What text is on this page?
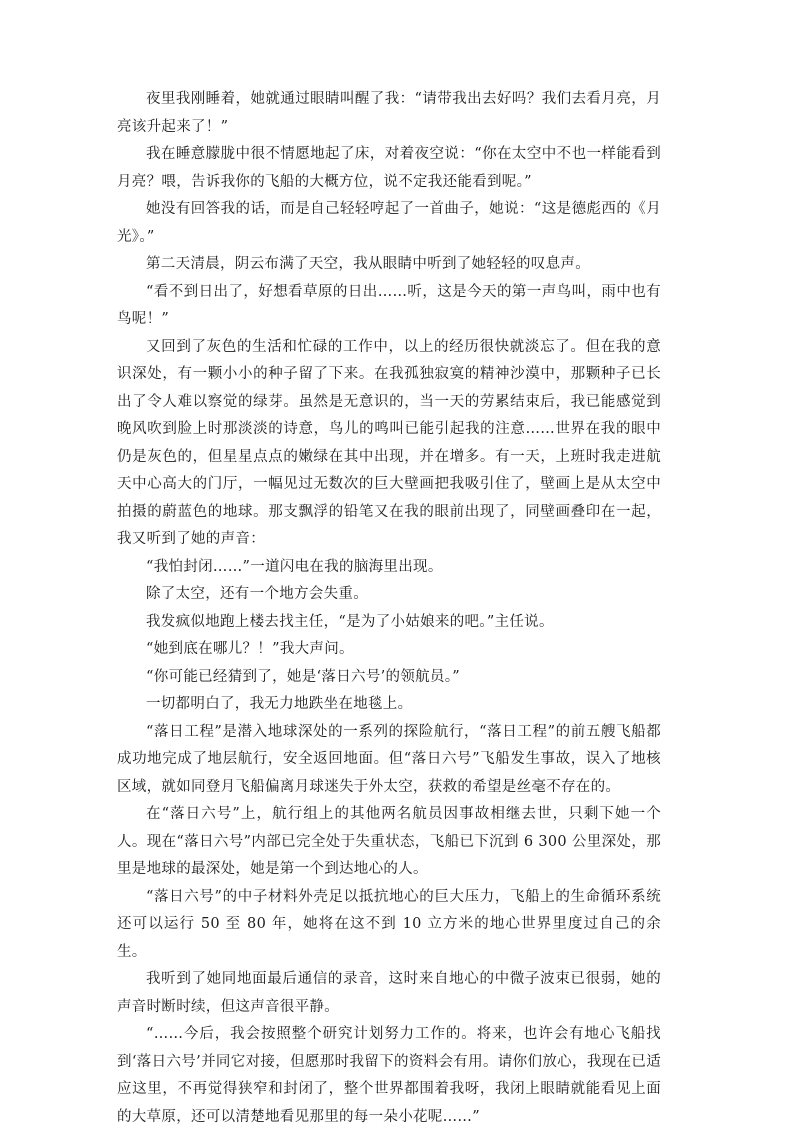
夜里我刚睡着，她就通过眼睛叫醒了我：“请带我出去好吗？我们去看月亮，月亮该升起来了！”

我在睡意朦胧中很不情愿地起了床，对着夜空说：“你在太空中不也一样能看到月亮？喂，告诉我你的飞船的大概方位，说不定我还能看到呢。”

她没有回答我的话，而是自己轻轻哼起了一首曲子，她说：“这是德彪西的《月光》。”

第二天清晨，阴云布满了天空，我从眼睛中听到了她轻轻的叹息声。

“看不到日出了，好想看草原的日出……听，这是今天的第一声鸟叫，雨中也有鸟呢！”

又回到了灰色的生活和忙碌的工作中，以上的经历很快就淡忘了。但在我的意识深处，有一颗小小的种子留了下来。在我孤独寂寞的精神沙漠中，那颗种子已长出了令人难以察觉的绿芽。虽然是无意识的，当一天的劳累结束后，我已能感觉到晚风吹到脸上时那淡淡的诗意，鸟儿的鸣叫已能引起我的注意……世界在我的眼中仍是灰色的，但星星点点的嫩绿在其中出现，并在增多。有一天，上班时我走进航天中心高大的门厅，一幅见过无数次的巨大壁画把我吸引住了，壁画上是从太空中拍摄的蔚蓝色的地球。那支飘浮的铅笔又在我的眼前出现了，同壁画叠印在一起，我又听到了她的声音：

“我怕封闭……”一道闪电在我的脑海里出现。

除了太空，还有一个地方会失重。

我发疯似地跑上楼去找主任，“是为了小姑娘来的吧。”主任说。

“她到底在哪儿？！”我大声问。

“你可能已经猜到了，她是‘落日六号’的领航员。”

一切都明白了，我无力地跌坐在地毯上。

“落日工程”是潜入地球深处的一系列的探险航行，“落日工程”的前五艘飞船都成功地完成了地层航行，安全返回地面。但“落日六号”飞船发生事故，误入了地核区域，就如同登月飞船偏离月球迷失于外太空，获救的希望是丝毫不存在的。

在“落日六号”上，航行组上的其他两名航员因事故相继去世，只剩下她一个人。现在“落日六号”内部已完全处于失重状态，飞船已下沉到 6 300 公里深处，那里是地球的最深处，她是第一个到达地心的人。

“落日六号”的中子材料外壳足以抵抗地心的巨大压力，飞船上的生命循环系统还可以运行 50 至 80 年，她将在这不到 10 立方米的地心世界里度过自己的余生。

我听到了她同地面最后通信的录音，这时来自地心的中微子波束已很弱，她的声音时断时续，但这声音很平静。

“……今后，我会按照整个研究计划努力工作的。将来，也许会有地心飞船找到‘落日六号’并同它对接，但愿那时我留下的资料会有用。请你们放心，我现在已适应这里，不再觉得狭窄和封闭了，整个世界都围着我呀，我闭上眼睛就能看见上面的大草原，还可以清楚地看见那里的每一朵小花呢……”
